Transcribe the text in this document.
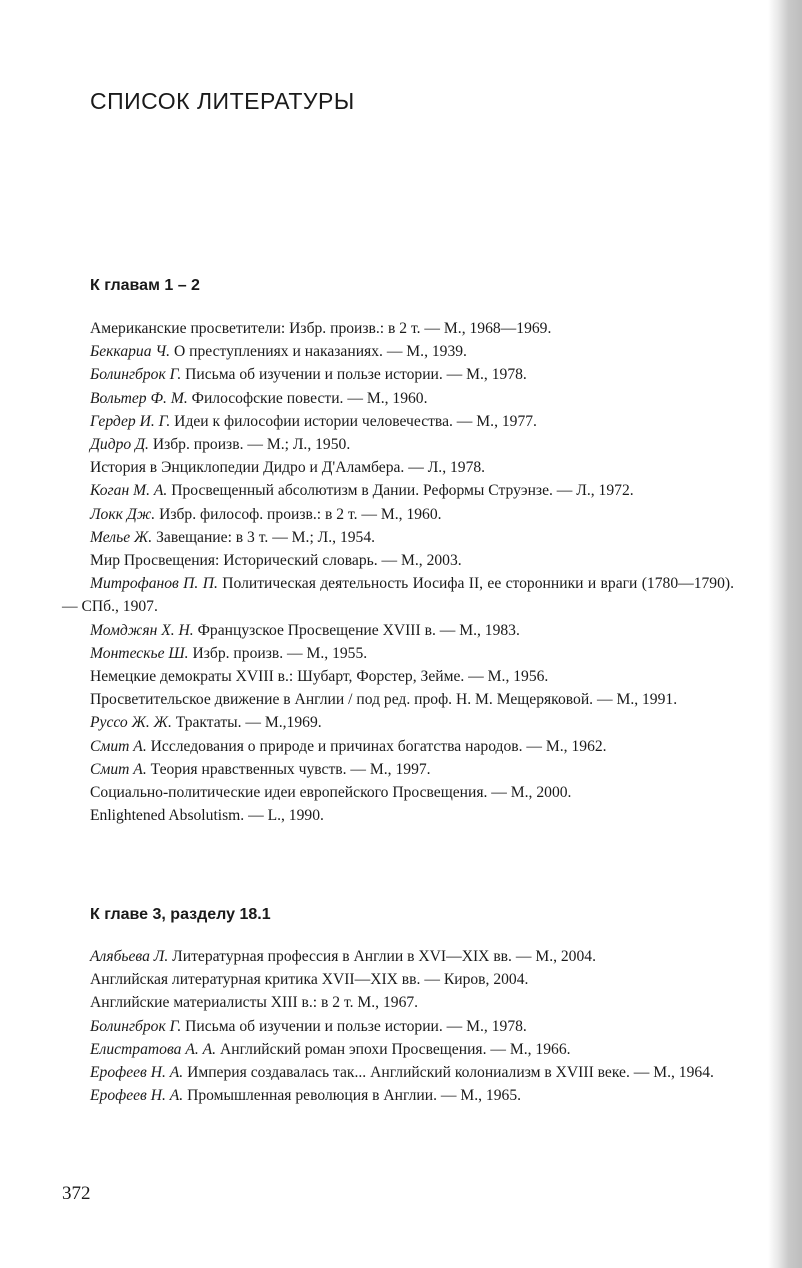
СПИСОК ЛИТЕРАТУРЫ
К главам 1 – 2

Американские просветители: Избр. произв.: в 2 т. — М., 1968—1969.

Беккариа Ч. О преступлениях и наказаниях. — М., 1939.

Болингброк Г. Письма об изучении и пользе истории. — М., 1978.

Вольтер Ф. М. Философские повести. — М., 1960.

Гердер И. Г. Идеи к философии истории человечества. — М., 1977.

Дидро Д. Избр. произв. — М.; Л., 1950.

История в Энциклопедии Дидро и Д'Аламбера. — Л., 1978.

Коган М. А. Просвещенный абсолютизм в Дании. Реформы Струэнзе. — Л., 1972.

Локк Дж. Избр. философ. произв.: в 2 т. — М., 1960.

Мелье Ж. Завещание: в 3 т. — М.; Л., 1954.

Мир Просвещения: Исторический словарь. — М., 2003.

Митрофанов П. П. Политическая деятельность Иосифа II, ее сторонники и враги (1780—1790). — СПб., 1907.

Момджян Х. Н. Французское Просвещение XVIII в. — М., 1983.

Монтескье Ш. Избр. произв. — М., 1955.

Немецкие демократы XVIII в.: Шубарт, Форстер, Зейме. — М., 1956.

Просветительское движение в Англии / под ред. проф. Н. М. Мещеряковой. — М., 1991.

Руссо Ж. Ж. Трактаты. — М.,1969.

Смит А. Исследования о природе и причинах богатства народов. — М., 1962.

Смит А. Теория нравственных чувств. — М., 1997.

Социально-политические идеи европейского Просвещения. — М., 2000.

Enlightened Absolutism. — L., 1990.

К главе 3, разделу 18.1

Алябьева Л. Литературная профессия в Англии в XVI—XIX вв. — М., 2004.

Английская литературная критика XVII—XIX вв. — Киров, 2004.

Английские материалисты XIII в.: в 2 т. М., 1967.

Болингброк Г. Письма об изучении и пользе истории. — М., 1978.

Елистратова А. А. Английский роман эпохи Просвещения. — М., 1966.

Ерофеев Н. А. Империя создавалась так... Английский колониализм в XVIII веке. — М., 1964.

Ерофеев Н. А. Промышленная революция в Англии. — М., 1965.

372
